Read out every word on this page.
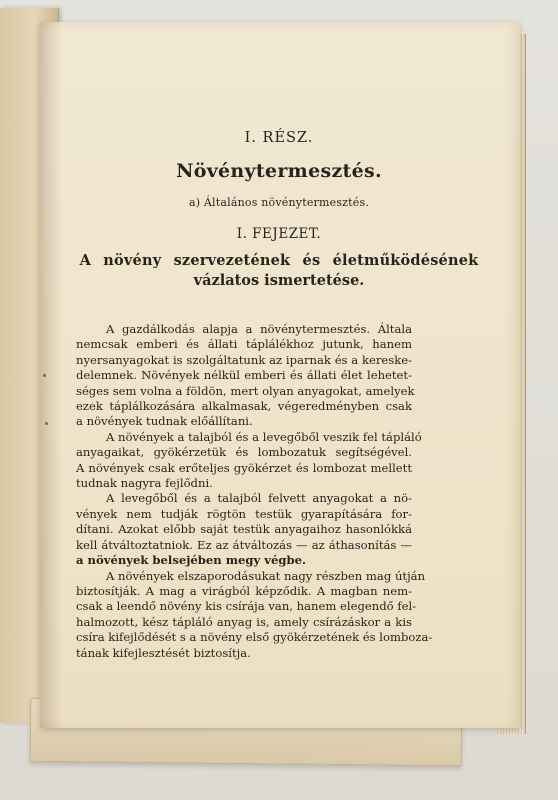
I. RÉSZ.
Növénytermesztés.
a) Általános növénytermesztés.
I. FEJEZET.
A növény szervezetének és életműködésének
vázlatos ismertetése.

A gazdálkodás alapja a növénytermesztés. Általa
nemcsak emberi és állati táplálékhoz jutunk, hanem
nyersanyagokat is szolgáltatunk az iparnak és a kereske-
delemnek. Növények nélkül emberi és állati élet lehetet-
séges sem volna a földön, mert olyan anyagokat, amelyek
ezek táplálkozására alkalmasak, végeredményben csak
a növények tudnak előállítani.

A növények a talajból és a levegőből veszik fel tápláló
anyagaikat, gyökérzetük és lombozatuk segítségével.
A növények csak erőteljes gyökérzet és lombozat mellett
tudnak nagyra fejlődni.

A levegőből és a talajból felvett anyagokat a nö-
vények nem tudják rögtön testük gyarapítására for-
dítani. Azokat előbb saját testük anyagaihoz hasonlókká
kell átváltoztatniok. Ez az átváltozás — az áthasonítás —
a növények belsejében megy végbe.

A növények elszaporodásukat nagy részben mag útján
biztosítják. A mag a virágból képződik. A magban nem-
csak a leendő növény kis csírája van, hanem elegendő fel-
halmozott, kész tápláló anyag is, amely csírázáskor a kis
csíra kifejlődését s a növény első gyökérzetének és lomboza-
tának kifejlesztését biztosítja.
